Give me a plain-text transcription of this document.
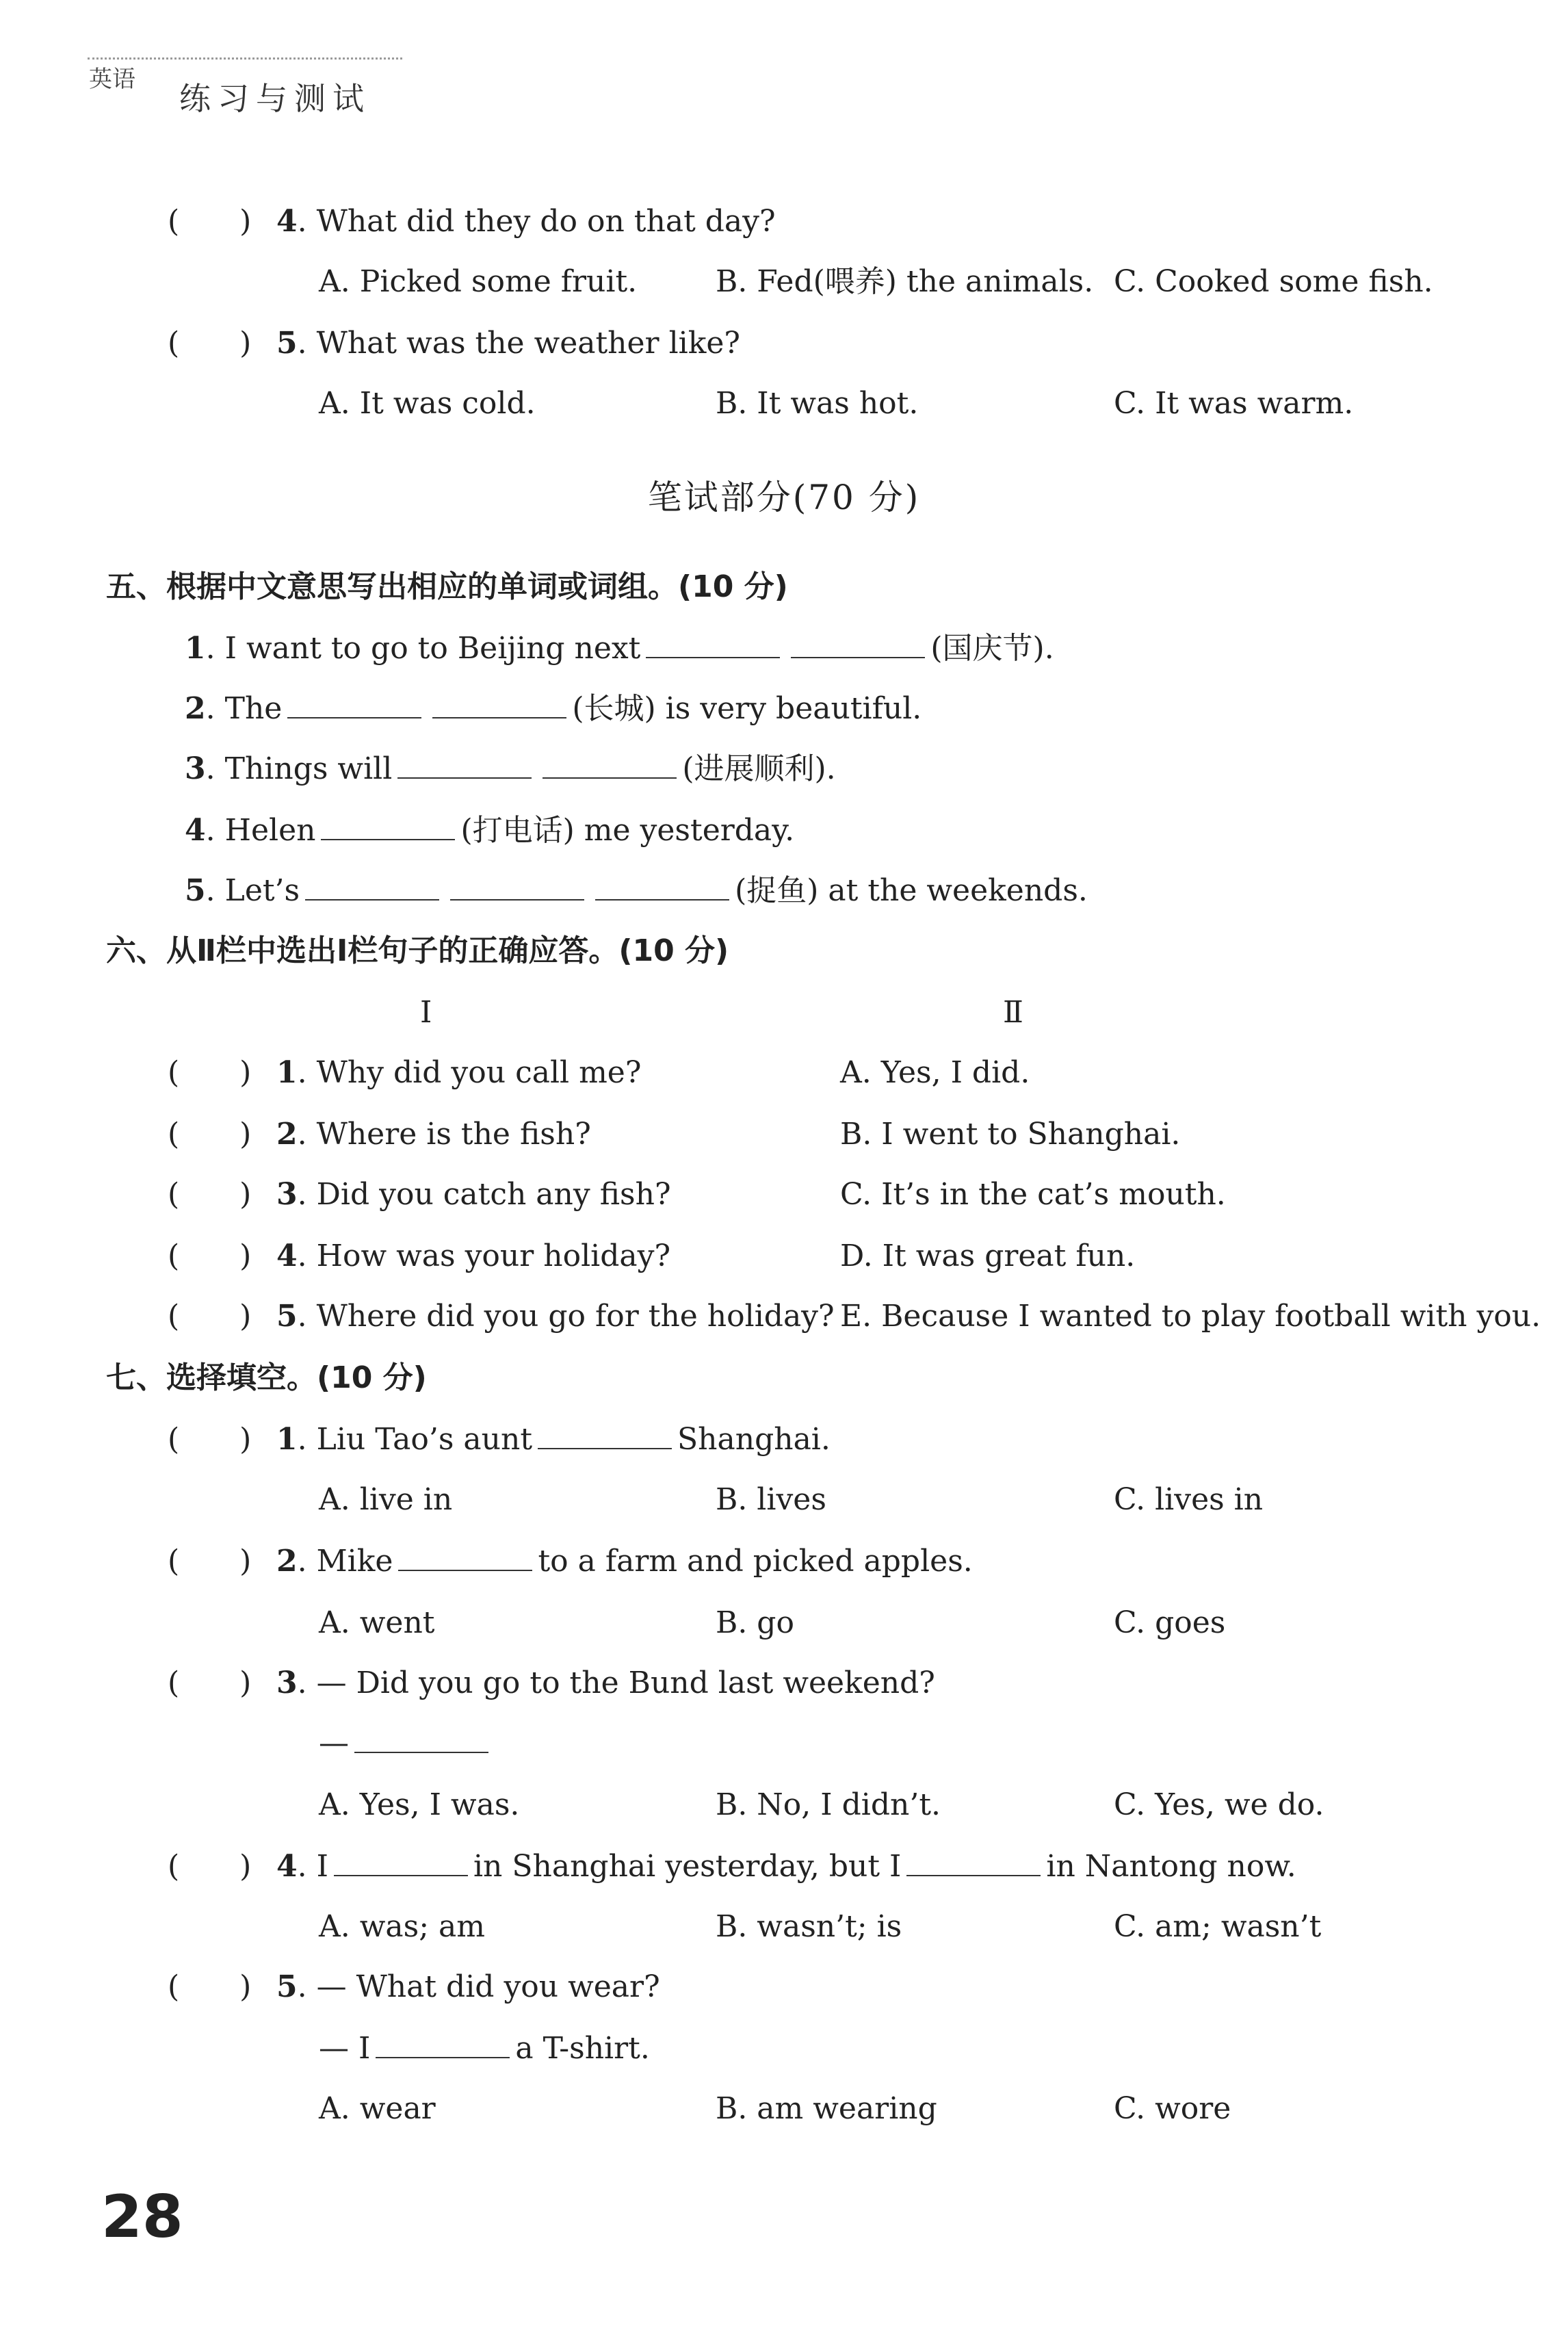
英语
练习与测试
(　　) 4. What did they do on that day?
A. Picked some fruit.	B. Fed(喂养) the animals. C. Cooked some fish.
(　　) 5. What was the weather like?
A. It was cold.	B. It was hot.	C. It was warm.
笔试部分(70 分)
五、根据中文意思写出相应的单词或词组。(10 分)
1. I want to go to Beijing next	(国庆节).
2. The	(长城) is very beautiful.
3. Things will	(进展顺利).
4. Helen	(打电话) me yesterday.
5. Let’s	(捉鱼) at the weekends.
六、从Ⅱ栏中选出Ⅰ栏句子的正确应答。(10 分)
Ⅰ	Ⅱ
(　　) 1. Why did you call me?	A. Yes, I did.
(　　) 2. Where is the fish?	B. I went to Shanghai.
(　　) 3. Did you catch any fish?	C. It’s in the cat’s mouth.
(　　) 4. How was your holiday?	D. It was great fun.
(　　) 5. Where did you go for the holiday? E. Because I wanted to play football with you.
七、选择填空。(10 分)
(　　) 1. Liu Tao’s aunt	Shanghai.
A. live in	B. lives	C. lives in
(　　) 2. Mike	to a farm and picked apples.
A. went	B. go	C. goes
(　　) 3. — Did you go to the Bund last weekend?
—
A. Yes, I was.	B. No, I didn’t.	C. Yes, we do.
(　　) 4. I	in Shanghai yesterday, but I	in Nantong now.
A. was; am	B. wasn’t; is	C. am; wasn’t
(　　) 5. — What did you wear?
— I	a T-shirt.
A. wear	B. am wearing	C. wore
28
